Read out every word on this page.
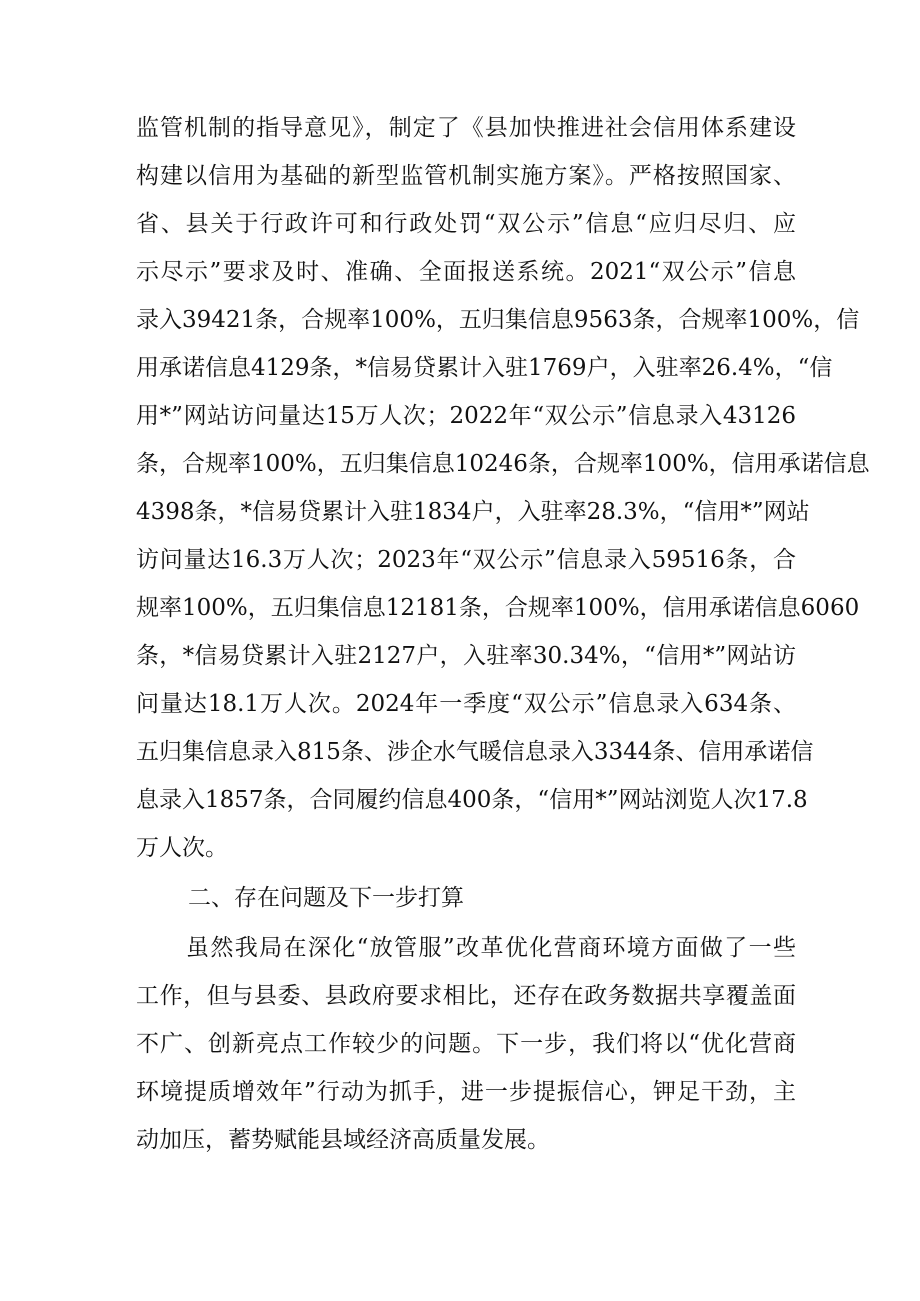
监管机制的指导意见》，制定了《县加快推进社会信用体系建设

构建以信用为基础的新型监管机制实施方案》。严格按照国家、

省、县关于行政许可和行政处罚“双公示”信息“应归尽归、应

示尽示”要求及时、准确、全面报送系统。2021“双公示”信息

录入39421条，合规率100%，五归集信息9563条，合规率100%，信

用承诺信息4129条，*信易贷累计入驻1769户，入驻率26.4%，“信

用*”网站访问量达15万人次；2022年“双公示”信息录入43126

条，合规率100%，五归集信息10246条，合规率100%，信用承诺信息

4398条，*信易贷累计入驻1834户，入驻率28.3%，“信用*”网站

访问量达16.3万人次；2023年“双公示”信息录入59516条，合

规率100%，五归集信息12181条，合规率100%，信用承诺信息6060

条，*信易贷累计入驻2127户，入驻率30.34%，“信用*”网站访

问量达18.1万人次。2024年一季度“双公示”信息录入634条、

五归集信息录入815条、涉企水气暖信息录入3344条、信用承诺信

息录入1857条，合同履约信息400条，“信用*”网站浏览人次17.8

万人次。

二、存在问题及下一步打算

虽然我局在深化“放管服”改革优化营商环境方面做了一些

工作，但与县委、县政府要求相比，还存在政务数据共享覆盖面

不广、创新亮点工作较少的问题。下一步，我们将以“优化营商

环境提质增效年”行动为抓手，进一步提振信心，钾足干劲，主

动加压，蓄势赋能县域经济高质量发展。
